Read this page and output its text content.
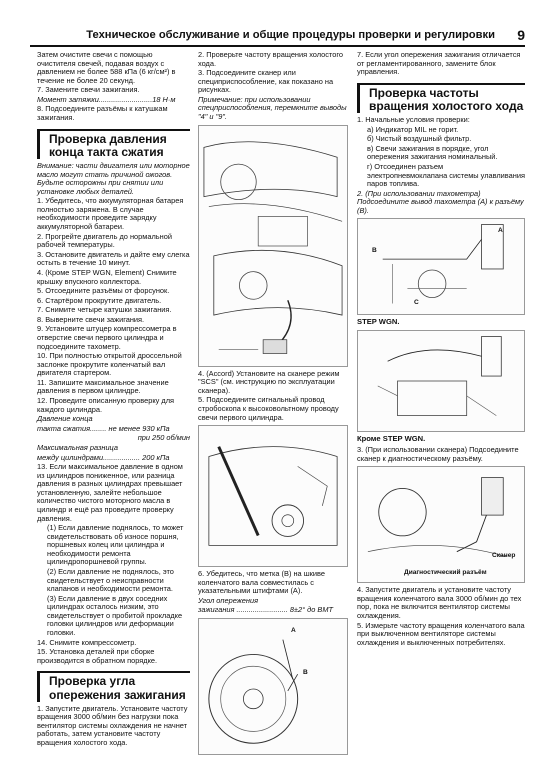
Техническое обслуживание и общие процедуры проверки и регулировки 9

Затем очистите свечи с помощью очистителя свечей, подавая воздух с давлением не более 588 кПа (6 кг/см²) в течение не более 20 секунд.

7. Замените свечи зажигания.

Момент затяжки..........................18 Н·м

8. Подсоедините разъёмы к катушкам зажигания.

Проверка давления конца такта сжатия

Внимание: части двигателя или моторное масло могут стать причиной ожогов. Будьте осторожны при снятии или установке любых деталей.

1. Убедитесь, что аккумуляторная батарея полностью заряжена. В случае необходимости проведите зарядку аккумуляторной батареи.

2. Прогрейте двигатель до нормальной рабочей температуры.

3. Остановите двигатель и дайте ему слегка остыть в течение 10 минут.

4. (Кроме STEP WGN, Element) Снимите крышку впускного коллектора.

5. Отсоедините разъёмы от форсунок.

6. Стартёром прокрутите двигатель.

7. Снимите четыре катушки зажигания.

8. Выверните свечи зажигания.

9. Установите штуцер компрессометра в отверстие свечи первого цилиндра и подсоедините тахометр.

10. При полностью открытой дроссельной заслонке прокрутите коленчатый вал двигателя стартером.

11. Запишите максимальное значение давления в первом цилиндре.

12. Проведите описанную проверку для каждого цилиндра.

Давление конца

такта сжатия........ не менее 930 кПа

при 250 об/мин

Максимальная разница

между цилиндрами.................. 200 кПа

13. Если максимальное давление в одном из цилиндров пониженное, или разница давления в разных цилиндрах превышает установленную, залейте небольшое количество чистого моторного масла в цилиндр и ещё раз проведите проверку давления.

(1) Если давление поднялось, то может свидетельствовать об износе поршня, поршневых колец или цилиндра и необходимости ремонта цилиндропоршневой группы.

(2) Если давление не поднялось, это свидетельствует о неисправности клапанов и необходимости ремонта.

(3) Если давление в двух соседних цилиндрах осталось низким, это свидетельствует о пробитой прокладке головки цилиндров или деформации головки.

14. Снимите компрессометр.

15. Установка деталей при сборке производится в обратном порядке.

Проверка угла опережения зажигания

1. Запустите двигатель. Установите частоту вращения 3000 об/мин без нагрузки пока вентилятор системы охлаждения не начнет работать, затем установите частоту вращения холостого хода.

2. Проверьте частоту вращения холостого хода.

3. Подсоедините сканер или специприспособление, как показано на рисунках.

Примечание: при использовании спецприспособления, перемкните выводы "4" и "9".

4. (Accord) Установите на сканере режим "SCS" (см. инструкцию по эксплуатации сканера).

5. Подсоедините сигнальный провод стробоскопа к высоковольтному проводу свечи первого цилиндра.

6. Убедитесь, что метка (B) на шкиве коленчатого вала совместилась с указательными штифтами (A).

Угол опережения

зажигания ......................... 8±2° до ВМТ

A
B

7. Если угол опережения зажигания отличается от регламентированного, замените блок управления.

Проверка частоты вращения холостого хода

1. Начальные условия проверки:

а) Индикатор MIL не горит.

б) Чистый воздушный фильтр.

в) Свечи зажигания в порядке, угол опережения зажигания номинальный.

г) Отсоединен разъем электропневмоклапана системы улавливания паров топлива.

2. (При использовании тахометра) Подсоедините вывод тахометра (A) к разъёму (B).

A
B
C
STEP WGN.
Кроме STEP WGN.

3. (При использовании сканера) Подсоедините сканер к диагностическому разъёму.

Сканер
Диагностический разъём

4. Запустите двигатель и установите частоту вращения коленчатого вала 3000 об/мин до тех пор, пока не включится вентилятор системы охлаждения.

5. Измерьте частоту вращения коленчатого вала при выключенном вентиляторе системы охлаждения и выключенных потребителях.
